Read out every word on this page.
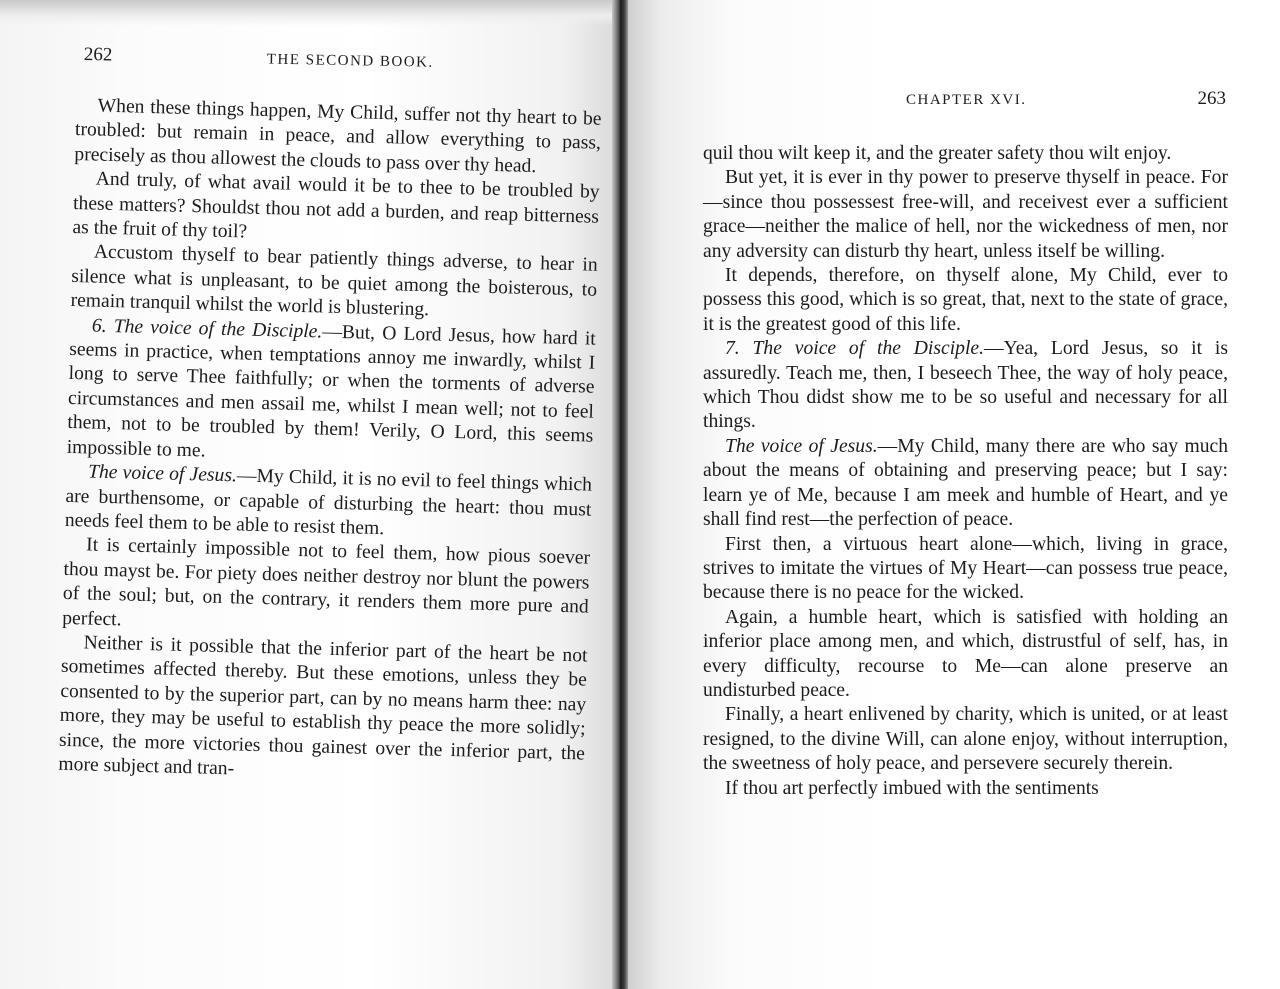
262	THE SECOND BOOK.

When these things happen, My Child, suffer not thy heart to be troubled: but remain in peace, and allow everything to pass, precisely as thou allowest the clouds to pass over thy head.

And truly, of what avail would it be to thee to be troubled by these matters? Shouldst thou not add a burden, and reap bitterness as the fruit of thy toil?

Accustom thyself to bear patiently things adverse, to hear in silence what is unpleasant, to be quiet among the boisterous, to remain tranquil whilst the world is blustering.

6. The voice of the Disciple.—But, O Lord Jesus, how hard it seems in practice, when temptations annoy me inwardly, whilst I long to serve Thee faithfully; or when the torments of adverse circumstances and men assail me, whilst I mean well; not to feel them, not to be troubled by them! Verily, O Lord, this seems impossible to me.

The voice of Jesus.—My Child, it is no evil to feel things which are burthensome, or capable of disturbing the heart: thou must needs feel them to be able to resist them.

It is certainly impossible not to feel them, how pious soever thou mayst be. For piety does neither destroy nor blunt the powers of the soul; but, on the contrary, it renders them more pure and perfect.

Neither is it possible that the inferior part of the heart be not sometimes affected thereby. But these emotions, unless they be consented to by the superior part, can by no means harm thee: nay more, they may be useful to establish thy peace the more solidly; since, the more victories thou gainest over the inferior part, the more subject and tran-

CHAPTER XVI.	263

quil thou wilt keep it, and the greater safety thou wilt enjoy.

But yet, it is ever in thy power to preserve thyself in peace. For—since thou possessest free-will, and receivest ever a sufficient grace—neither the malice of hell, nor the wickedness of men, nor any adversity can disturb thy heart, unless itself be willing.

It depends, therefore, on thyself alone, My Child, ever to possess this good, which is so great, that, next to the state of grace, it is the greatest good of this life.

7. The voice of the Disciple.—Yea, Lord Jesus, so it is assuredly. Teach me, then, I beseech Thee, the way of holy peace, which Thou didst show me to be so useful and necessary for all things.

The voice of Jesus.—My Child, many there are who say much about the means of obtaining and preserving peace; but I say: learn ye of Me, because I am meek and humble of Heart, and ye shall find rest—the perfection of peace.

First then, a virtuous heart alone—which, living in grace, strives to imitate the virtues of My Heart—can possess true peace, because there is no peace for the wicked.

Again, a humble heart, which is satisfied with holding an inferior place among men, and which, distrustful of self, has, in every difficulty, recourse to Me—can alone preserve an undisturbed peace.

Finally, a heart enlivened by charity, which is united, or at least resigned, to the divine Will, can alone enjoy, without interruption, the sweetness of holy peace, and persevere securely therein.

If thou art perfectly imbued with the sentiments
